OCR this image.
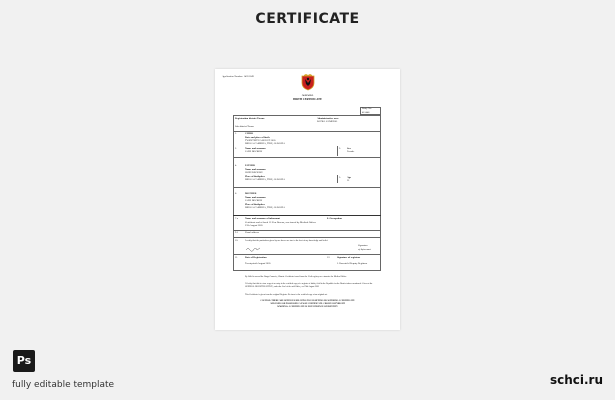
CERTIFICATE
Application Number: 14251349
ALBANIA
BIRTH CERTIFICATE
Entry No.
411446
Registration district Tirana	Administrative area
BATKA CAMERIA
Sub-district Tirana
1.	CHILD
Date and place of birth
TWENTIETH AUGUST 2005
RRUGA CAMERIA, TIRE, ALBANIA
2.	Name and surname
JANE DECKON
3. Sex
Female
4.	FATHER
Name and surname
JOHN DECKON
Place of birthplace
RRUGA CAMERIA, TIRE, ALBANIA	5. Age
31
6.	MOTHER
Name and surname
JANE DECKON
Place of birthplace
RRUGA CAMERIA, TIRE, ALBANIA
7.a	Name and surname of informant	8. Occupation
Certificate and of book 15 Year Bureau, was issued by Medical Officer
27th August 2005
9.1	Usual address
10.	I certify that the particulars given by me above are true to the best of my knowledge and belief
Signature
of Informant
11.	Date of Registration	12.	Signature of registrar
Twentysixth August 2005	J. Rosenfeld Deputy Registrar
By Valid in accord the Rruga Cameria, Albania. Certificate issued from the Civil registry are a transfer the Medical Office.
I Certify that this is a true copy of an entry in the certified copy of a register of births, field in the Republic for the District above mentioned. Given at the GENERAL REGISTER OFFICE, under the Seal of the said Office, on 29th August 2005
This Certificate is given from the original Register. Re-issue to the certified copy of an original act.
CAUTION: THERE ARE OFFENCES RELATING TO FALSIFYING OR ALTERING A CERTIFICATE
AND USING OR POSSESSING A FALSE CERTIFICATE. CROWN COPYRIGHT
WARNING: A CERTIFICATE IS NOT EVIDENCE OF IDENTITY
Ps
fully editable template	schci.ru
